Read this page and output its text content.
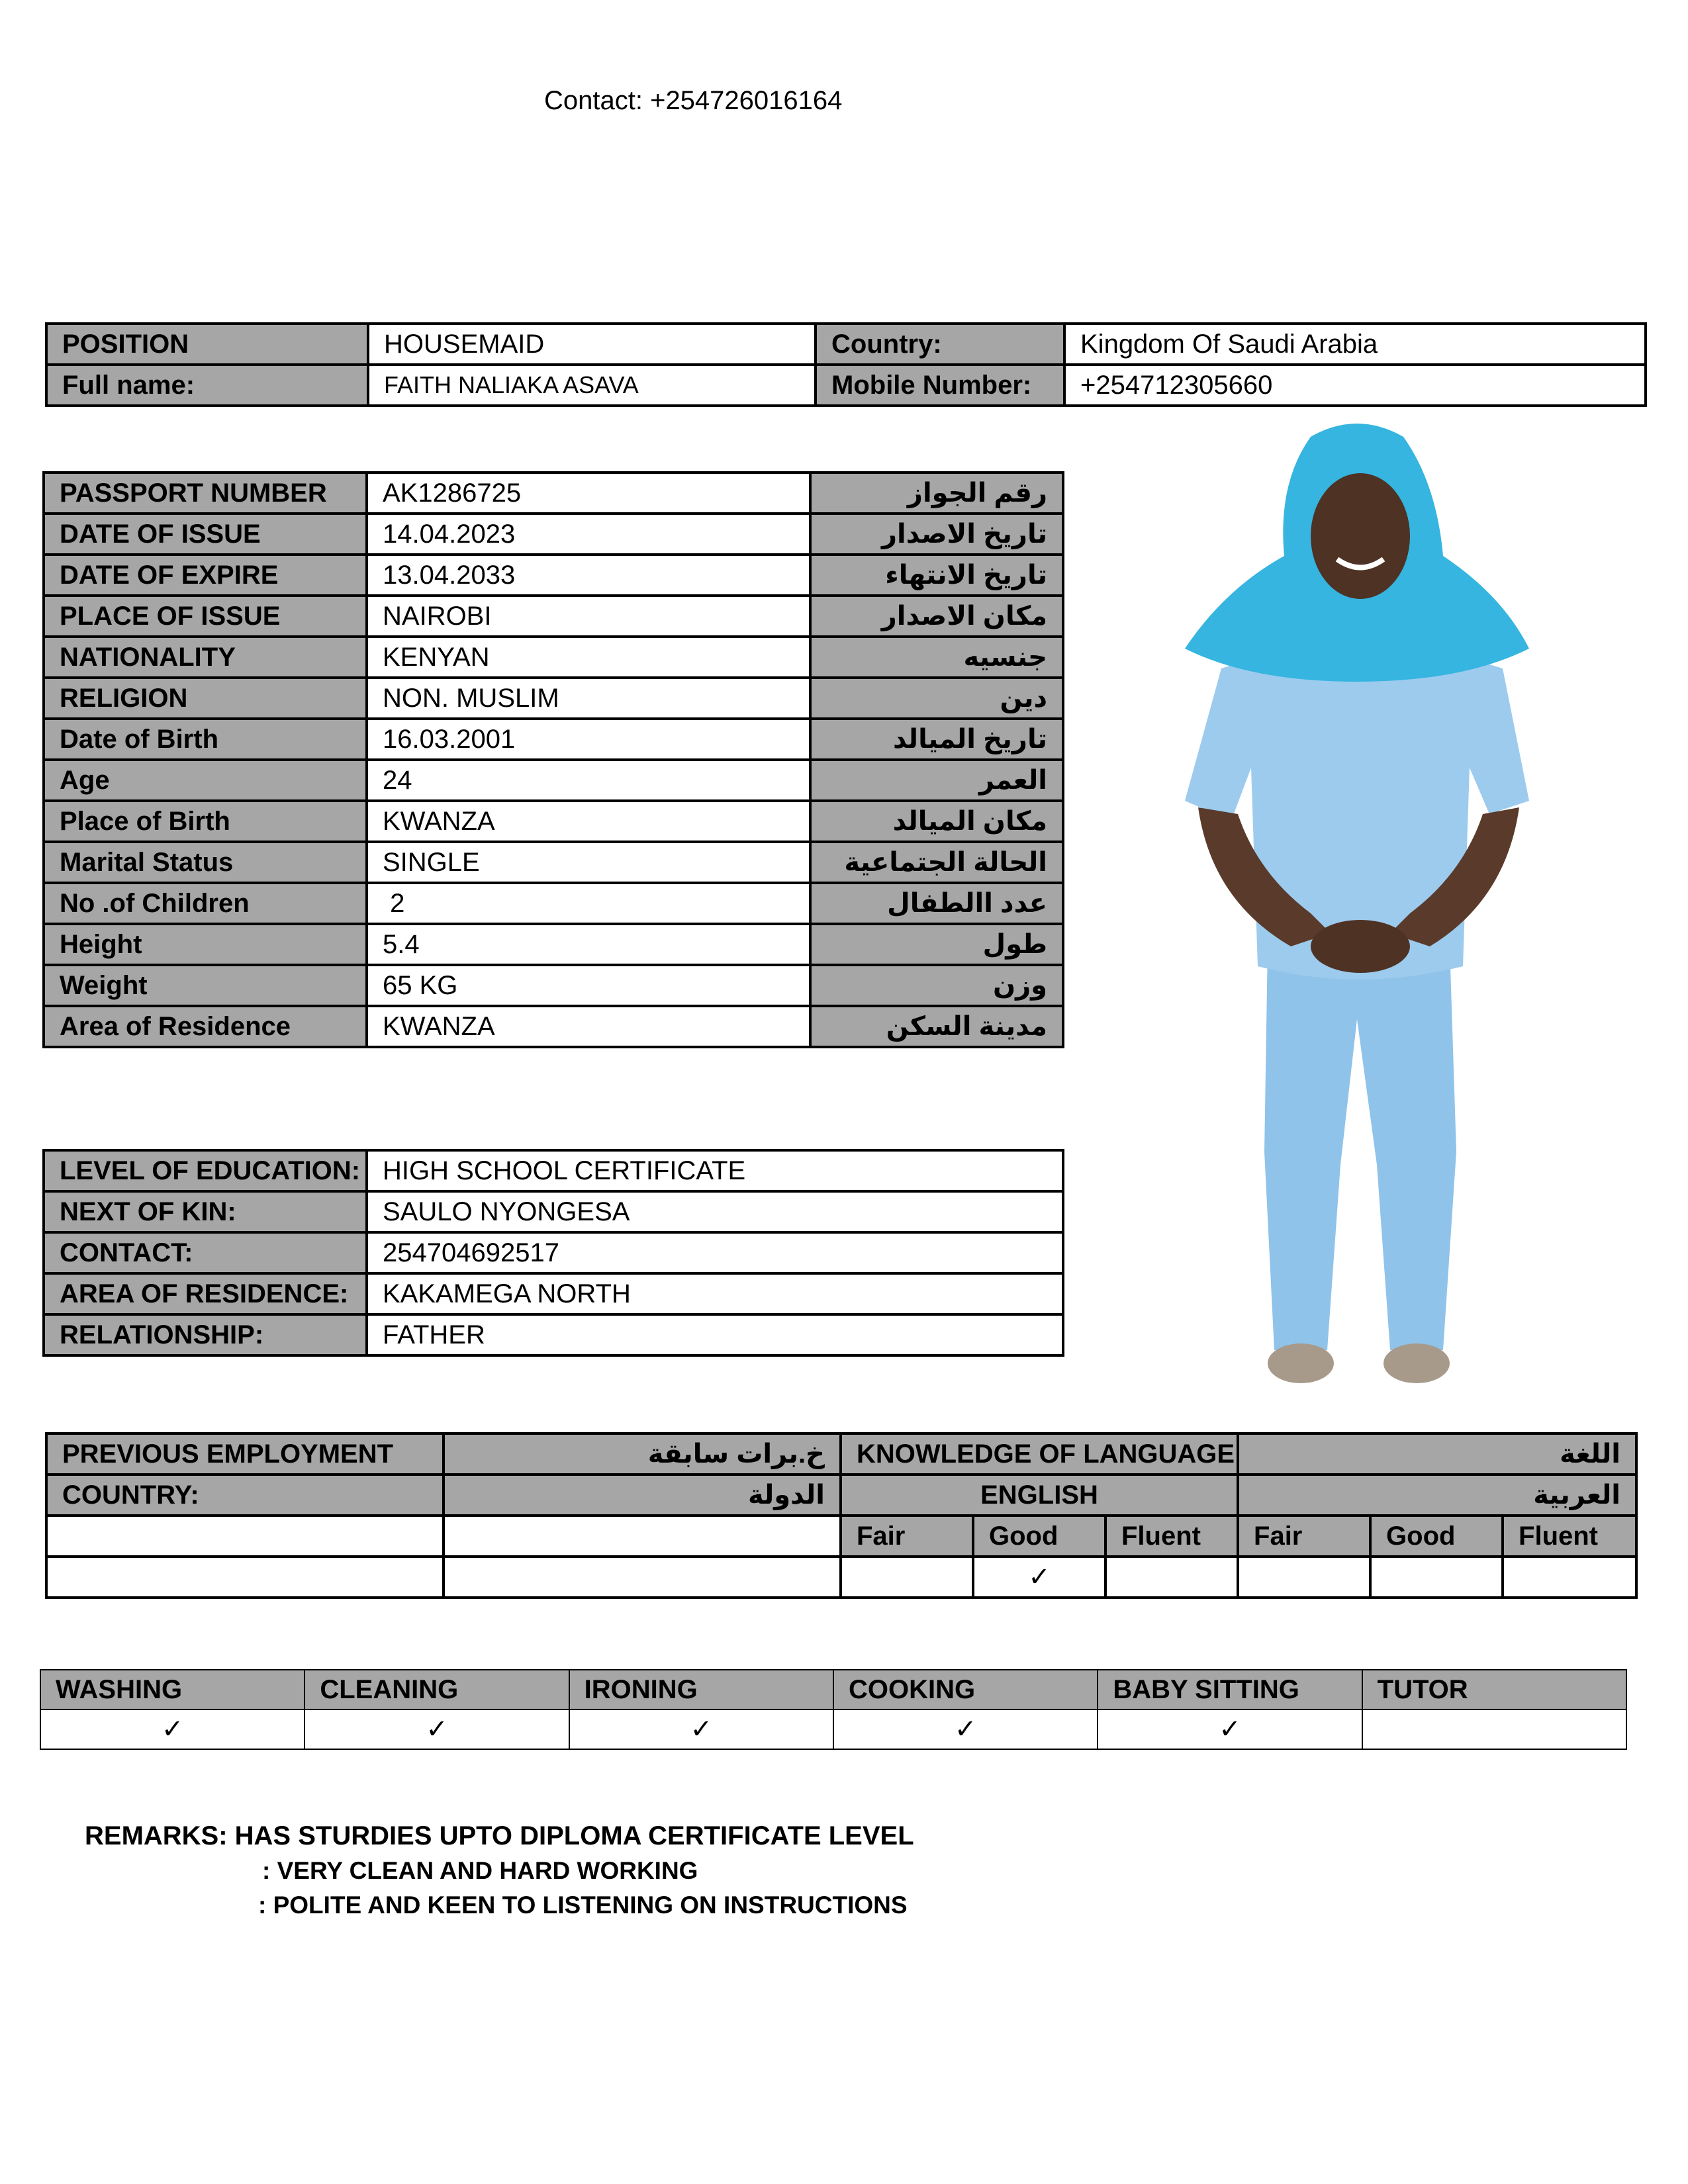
Contact: +254726016164
POSITION	HOUSEMAID	Country:	Kingdom Of Saudi Arabia
Full name:	FAITH NALIAKA ASAVA	Mobile Number:	+254712305660
PASSPORT NUMBER	AK1286725	رقم الجواز
DATE OF ISSUE	14.04.2023	تاريخ الاصدار
DATE OF EXPIRE	13.04.2033	تاريخ الانتهاء
PLACE OF ISSUE	NAIROBI	مكان الاصدار
NATIONALITY	KENYAN	جنسيه
RELIGION	NON. MUSLIM	دين
Date of Birth	16.03.2001	تاريخ الميالد
Age	24	العمر
Place of Birth	KWANZA	مكان الميالد
Marital Status	SINGLE	الحالة الجتماعية
No .of Children	2	عدد االطفال
Height	5.4	طول
Weight	65 KG	وزن
Area of Residence	KWANZA	مدينة السكن
LEVEL OF EDUCATION:	HIGH SCHOOL CERTIFICATE
NEXT OF KIN:	SAULO NYONGESA
CONTACT:	254704692517
AREA OF RESIDENCE:	KAKAMEGA NORTH
RELATIONSHIP:	FATHER
PREVIOUS EMPLOYMENT	خ.برات سابقة	KNOWLEDGE OF LANGUAGE			اللغة		
COUNTRY:	الدولة	ENGLISH			العربية		
		Fair	Good	Fluent	Fair	Good	Fluent
			✓				
WASHING	CLEANING	IRONING	COOKING	BABY SITTING	TUTOR
✓	✓	✓	✓	✓	
REMARKS: HAS STURDIES UPTO DIPLOMA CERTIFICATE LEVEL
: VERY CLEAN AND HARD WORKING
: POLITE AND KEEN TO LISTENING ON INSTRUCTIONS
